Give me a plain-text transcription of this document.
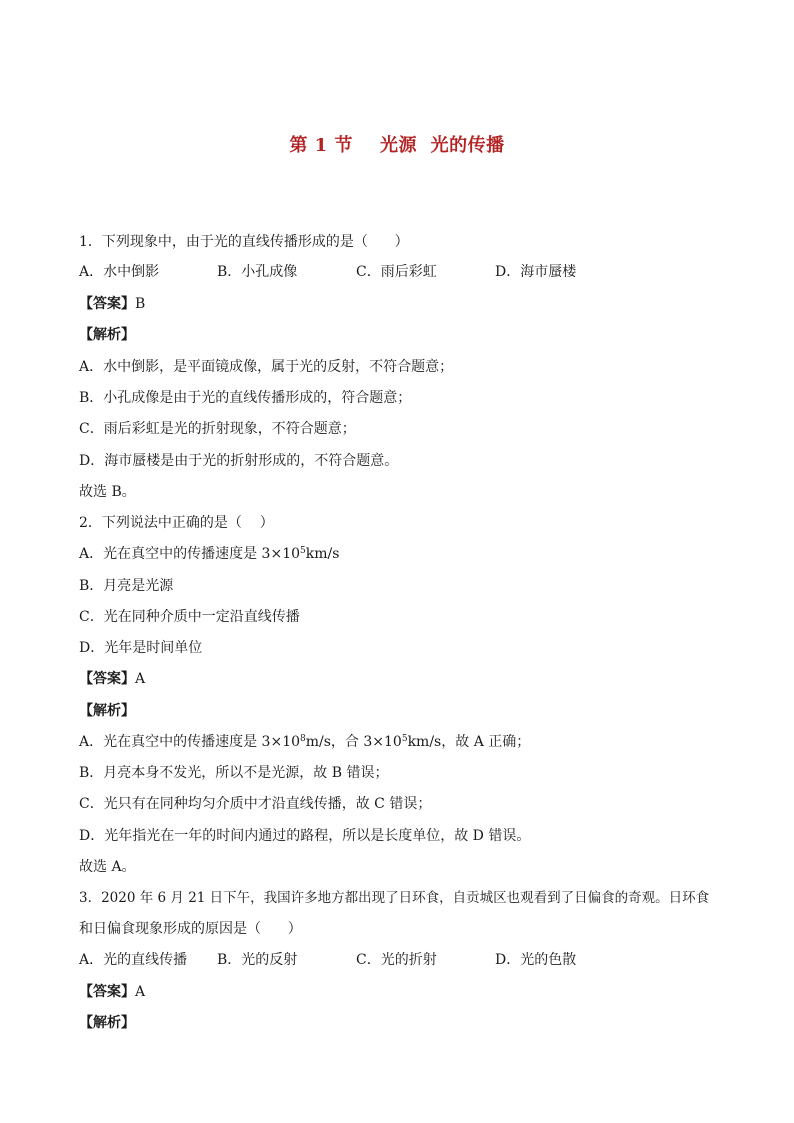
第 1 节    光源  光的传播
1．下列现象中，由于光的直线传播形成的是（      ）
A．水中倒影	B．小孔成像	C．雨后彩虹	D．海市蜃楼
【答案】B
【解析】
A．水中倒影，是平面镜成像，属于光的反射，不符合题意；
B．小孔成像是由于光的直线传播形成的，符合题意；
C．雨后彩虹是光的折射现象，不符合题意；
D．海市蜃楼是由于光的折射形成的，不符合题意。
故选 B。
2．下列说法中正确的是（    ）
A．光在真空中的传播速度是 $3\times 10^5km/s$
B．月亮是光源
C．光在同种介质中一定沿直线传播
D．光年是时间单位
【答案】A
【解析】
A．光在真空中的传播速度是 $3\times 10^8m/s$，合 $3\times 10^5km/s$，故 A 正确；
B．月亮本身不发光，所以不是光源，故 B 错误；
C．光只有在同种均匀介质中才沿直线传播，故 C 错误；
D．光年指光在一年的时间内通过的路程，所以是长度单位，故 D 错误。
故选 A。
3．2020 年 6 月 21 日下午，我国许多地方都出现了日环食，自贡城区也观看到了日偏食的奇观。日环食
和日偏食现象形成的原因是（      ）
A．光的直线传播 B．光的反射	C．光的折射	D．光的色散
【答案】A
【解析】
